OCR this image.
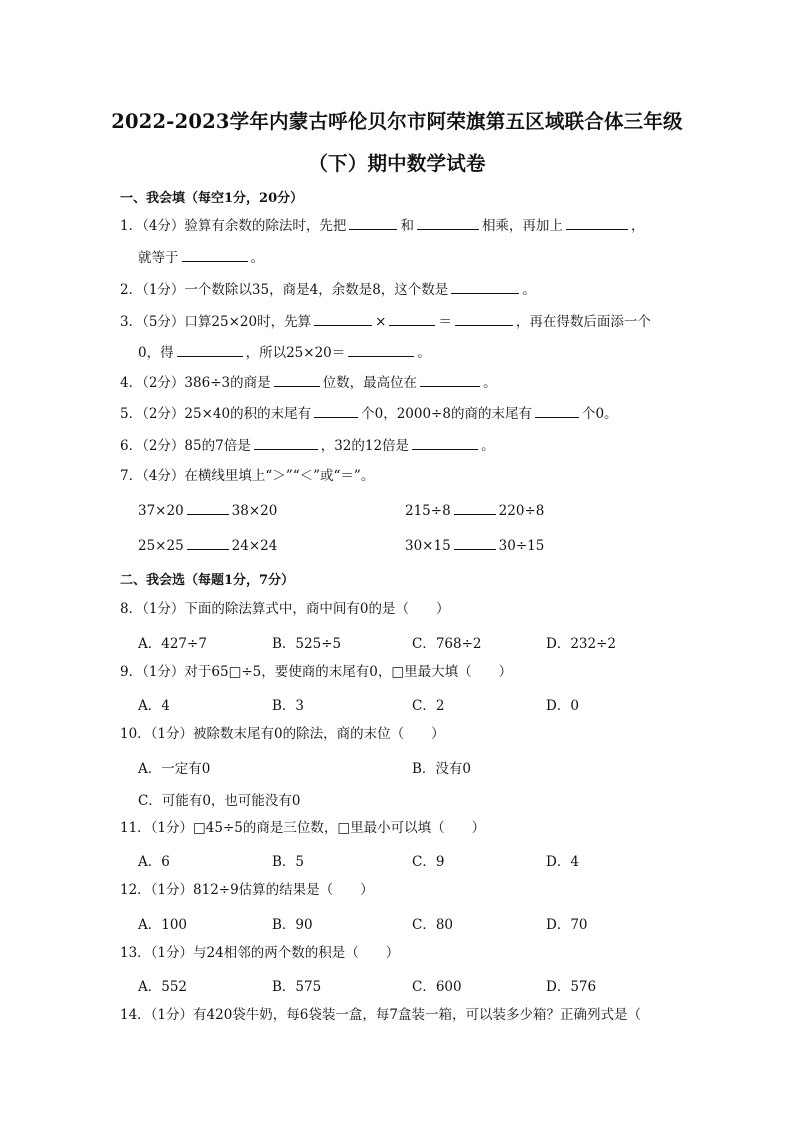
2022-2023学年内蒙古呼伦贝尔市阿荣旗第五区域联合体三年级
（下）期中数学试卷
一、我会填（每空1分，20分）
1．（4分）验算有余数的除法时，先把	和	相乘，再加上	，
就等于	。
2．（1分）一个数除以35，商是4，余数是8，这个数是	。
3．（5分）口算25×20时，先算	×	＝	，再在得数后面添一个
0，得	，所以25×20＝	。
4．（2分）386÷3的商是	位数，最高位在	。
5．（2分）25×40的积的末尾有	个0，2000÷8的商的末尾有	个0。
6．（2分）85的7倍是	，32的12倍是	。
7．（4分）在横线里填上“＞”“＜”或“＝”。
37×20	38×20	215÷8	220÷8
25×25	24×24	30×15	30÷15
二、我会选（每题1分，7分）
8．（1分）下面的除法算式中，商中间有0的是（　　）
A．427÷7	B．525÷5	C．768÷2	D．232÷2
9．（1分）对于65□÷5，要使商的末尾有0，□里最大填（　　）
A．4	B．3	C．2	D．0
10．（1分）被除数末尾有0的除法，商的末位（　　）
A．一定有0	B．没有0
C．可能有0，也可能没有0
11．（1分）□45÷5的商是三位数，□里最小可以填（　　）
A．6	B．5	C．9	D．4
12．（1分）812÷9估算的结果是（　　）
A．100	B．90	C．80	D．70
13．（1分）与24相邻的两个数的积是（　　）
A．552	B．575	C．600	D．576
14．（1分）有420袋牛奶，每6袋装一盒，每7盒装一箱，可以装多少箱？正确列式是（
